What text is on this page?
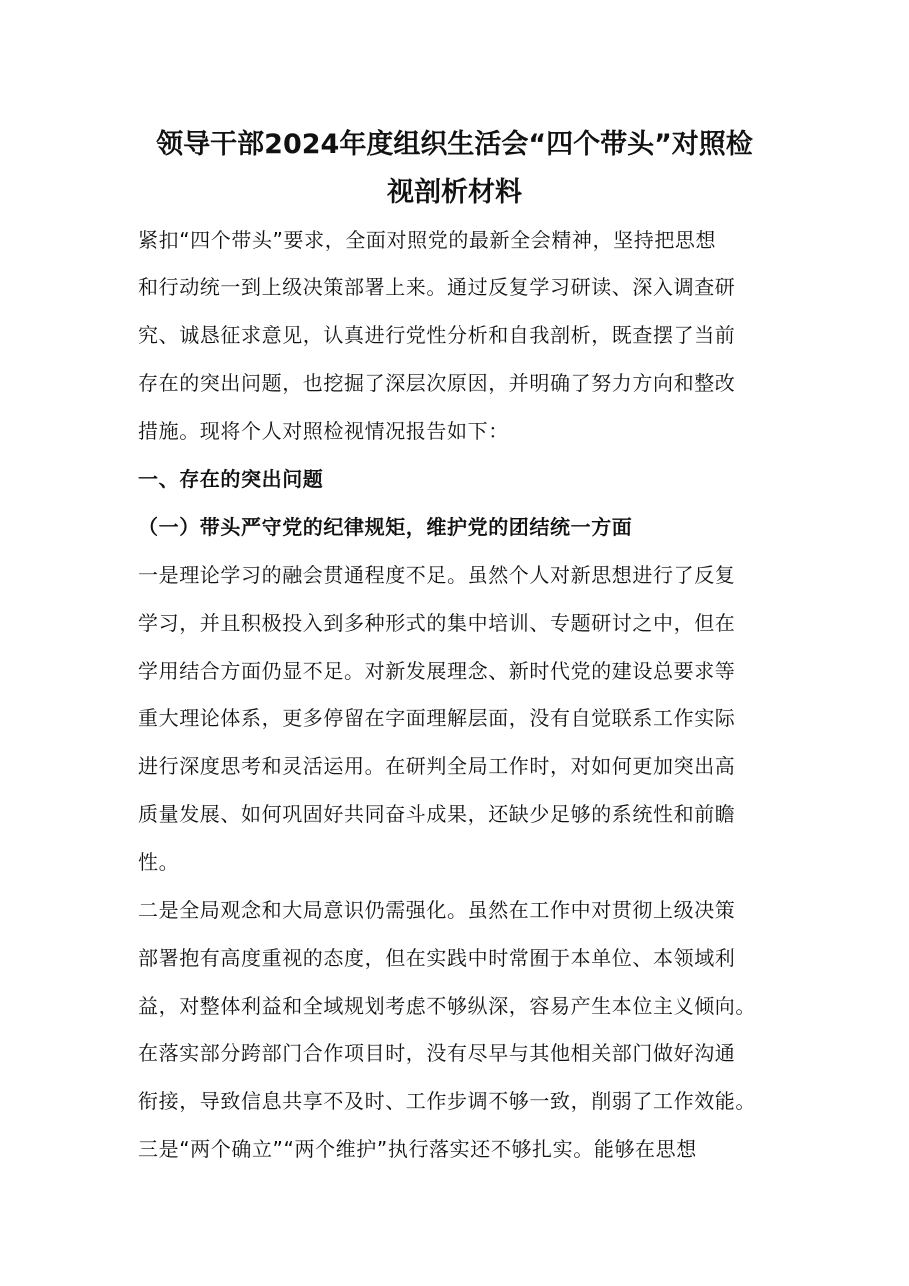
领导干部2024年度组织生活会“四个带头”对照检
视剖析材料

紧扣“四个带头”要求，全面对照党的最新全会精神，坚持把思想

和行动统一到上级决策部署上来。通过反复学习研读、深入调查研

究、诚恳征求意见，认真进行党性分析和自我剖析，既查摆了当前

存在的突出问题，也挖掘了深层次原因，并明确了努力方向和整改

措施。现将个人对照检视情况报告如下：

一、存在的突出问题

（一）带头严守党的纪律规矩，维护党的团结统一方面

一是理论学习的融会贯通程度不足。虽然个人对新思想进行了反复

学习，并且积极投入到多种形式的集中培训、专题研讨之中，但在

学用结合方面仍显不足。对新发展理念、新时代党的建设总要求等

重大理论体系，更多停留在字面理解层面，没有自觉联系工作实际

进行深度思考和灵活运用。在研判全局工作时，对如何更加突出高

质量发展、如何巩固好共同奋斗成果，还缺少足够的系统性和前瞻

性。

二是全局观念和大局意识仍需强化。虽然在工作中对贯彻上级决策

部署抱有高度重视的态度，但在实践中时常囿于本单位、本领域利

益，对整体利益和全域规划考虑不够纵深，容易产生本位主义倾向。

在落实部分跨部门合作项目时，没有尽早与其他相关部门做好沟通

衔接，导致信息共享不及时、工作步调不够一致，削弱了工作效能。

三是“两个确立”“两个维护”执行落实还不够扎实。能够在思想
